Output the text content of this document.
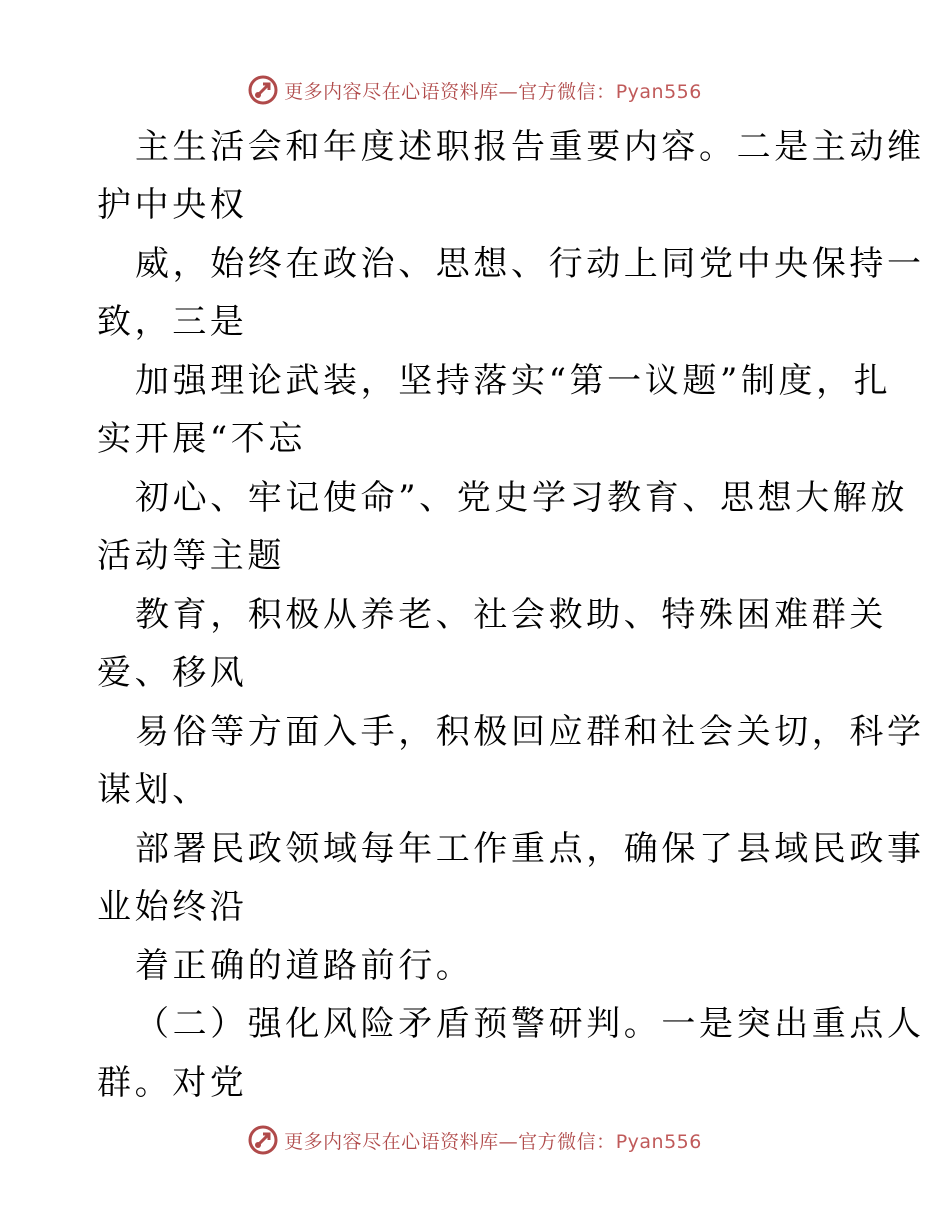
更多内容尽在心语资料库—官方微信：Pyan556
主生活会和年度述职报告重要内容。二是主动维
护中央权
威，始终在政治、思想、行动上同党中央保持一
致，三是
加强理论武装，坚持落实“第一议题”制度，扎
实开展“不忘
初心、牢记使命”、党史学习教育、思想大解放
活动等主题
教育，积极从养老、社会救助、特殊困难群关
爱、移风
易俗等方面入手，积极回应群和社会关切，科学
谋划、
部署民政领域每年工作重点，确保了县域民政事
业始终沿
着正确的道路前行。
（二）强化风险矛盾预警研判。一是突出重点人
群。对党
更多内容尽在心语资料库—官方微信：Pyan556
